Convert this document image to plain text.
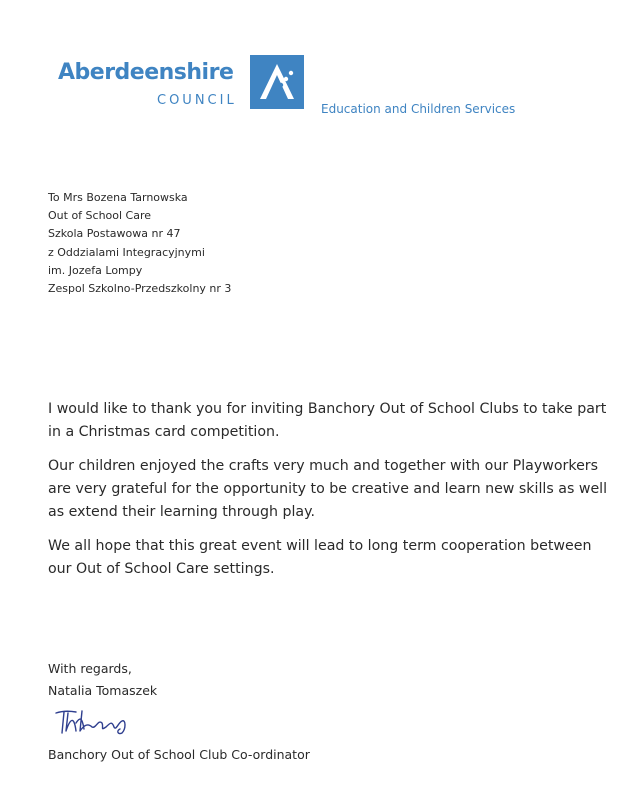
Aberdeenshire
COUNCIL
Education and Children Services
To Mrs Bozena Tarnowska
Out of School Care
Szkola Postawowa nr 47
z Oddzialami Integracyjnymi
im. Jozefa Lompy
Zespol Szkolno-Przedszkolny nr 3

I would like to thank you for inviting Banchory Out of School Clubs to take part in a Christmas card competition.

Our children enjoyed the crafts very much and together with our Playworkers are very grateful for the opportunity to be creative and learn new skills as well as extend their learning through play.

We all hope that this great event will lead to long term cooperation between our Out of School Care settings.

With regards,
Natalia Tomaszek
Banchory Out of School Club Co-ordinator
